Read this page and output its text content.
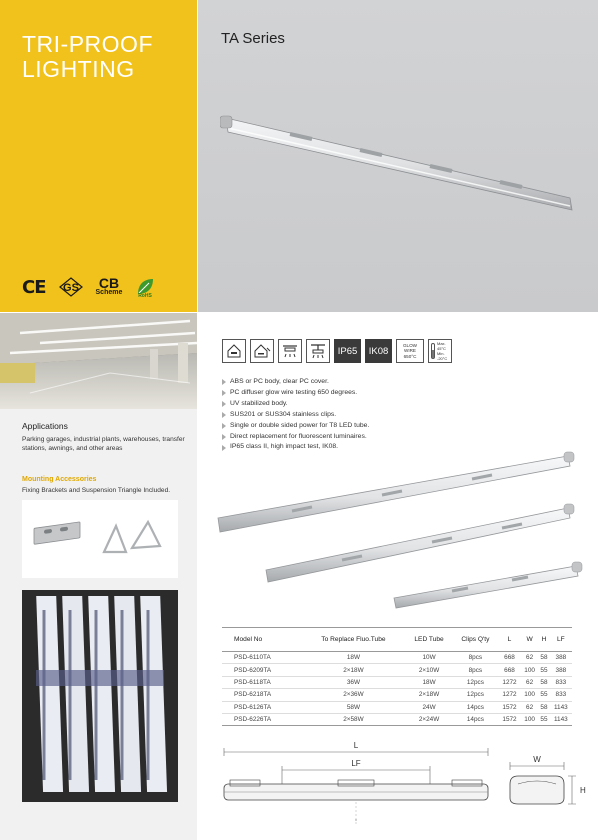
TRI-PROOF
LIGHTING
CE GS CB
Scheme	RoHS
TA Series
Applications
Parking garages, industrial plants, warehouses, transfer stations, awnings, and other areas
Mounting Accessories
Fixing Brackets and Suspension Triangle Included.
IP65	IK08
GLOW
WIRE
650°C
Max.
45°C
Min.
-20°C
ABS or PC body, clear PC cover.
PC diffuser glow wire testing 650 degrees.
UV stabilized body.
SUS201 or SUS304 stainless clips.
Single or double sided power for T8 LED tube.
Direct replacement for fluorescent luminaires.
IP65 class II, high impact test, IK08.
Model No	To Replace Fluo.Tube	LED Tube	Clips Q'ty	L	W	H	LF
PSD-6110TA	18W	10W	8pcs	668	62	58	388
PSD-6209TA	2×18W	2×10W	8pcs	668	100	55	388
PSD-6118TA	36W	18W	12pcs	1272	62	58	833
PSD-6218TA	2×36W	2×18W	12pcs	1272	100	55	833
PSD-6126TA	58W	24W	14pcs	1572	62	58	1143
PSD-6226TA	2×58W	2×24W	14pcs	1572	100	55	1143
L
LF	W
H
